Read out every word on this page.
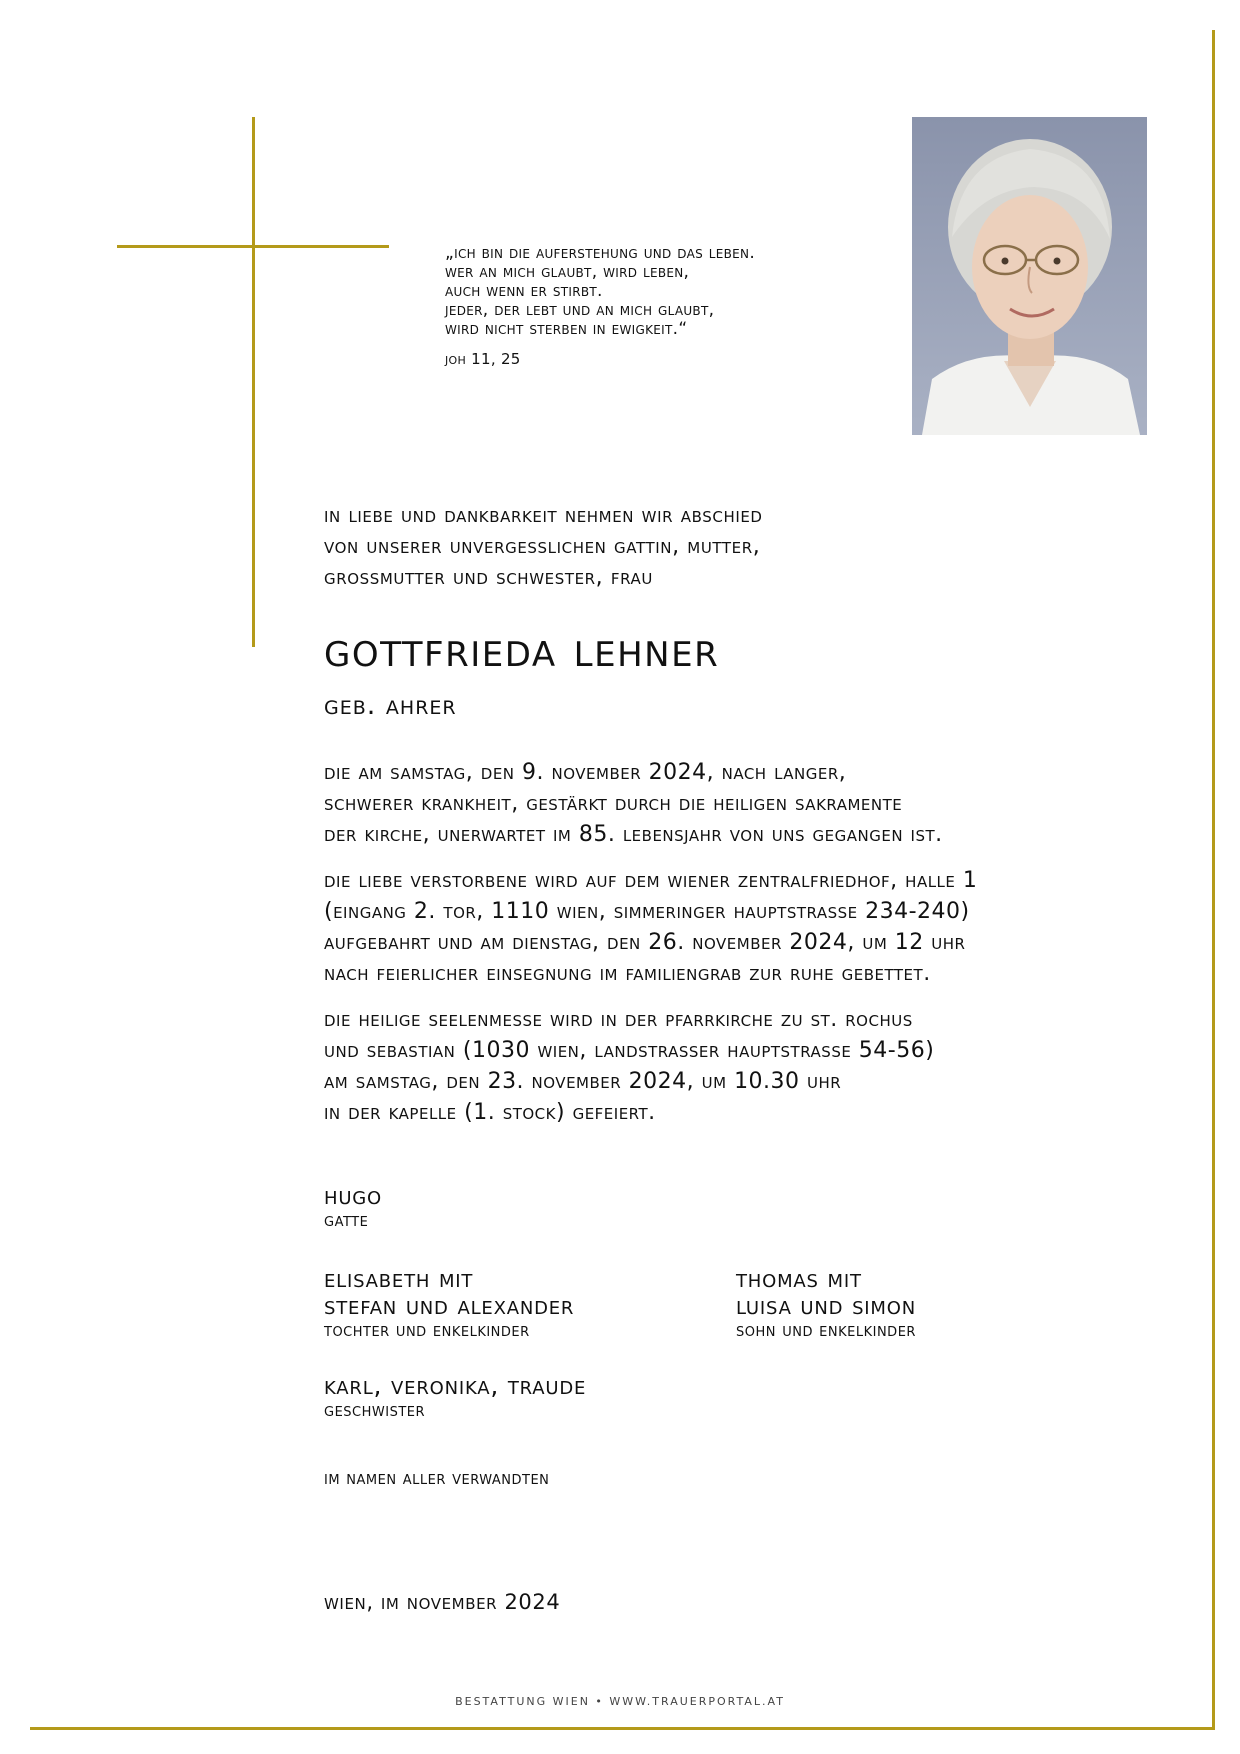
„ich bin die auferstehung und das leben.
wer an mich glaubt, wird leben,
auch wenn er stirbt.
jeder, der lebt und an mich glaubt,
wird nicht sterben in ewigkeit.“
joh 11, 25
in liebe und dankbarkeit nehmen wir abschied
von unserer unvergesslichen gattin, mutter,
grossmutter und schwester, frau
gottfrieda lehner
geb. ahrer
die am samstag, den 9. november 2024, nach langer,
schwerer krankheit, gestärkt durch die heiligen sakramente
der kirche, unerwartet im 85. lebensjahr von uns gegangen ist.
die liebe verstorbene wird auf dem wiener zentralfriedhof, halle 1
(eingang 2. tor, 1110 wien, simmeringer hauptstrasse 234-240)
aufgebahrt und am dienstag, den 26. november 2024, um 12 uhr
nach feierlicher einsegnung im familiengrab zur ruhe gebettet.
die heilige seelenmesse wird in der pfarrkirche zu st. rochus
und sebastian (1030 wien, landstrasser hauptstrasse 54-56)
am samstag, den 23. november 2024, um 10.30 uhr
in der kapelle (1. stock) gefeiert.
hugo
gatte
elisabeth mit
stefan und alexander
tochter und enkelkinder
thomas mit
luisa und simon
sohn und enkelkinder
karl, veronika, traude
geschwister
im namen aller verwandten
wien, im november 2024
BESTATTUNG WIEN • WWW.TRAUERPORTAL.AT
